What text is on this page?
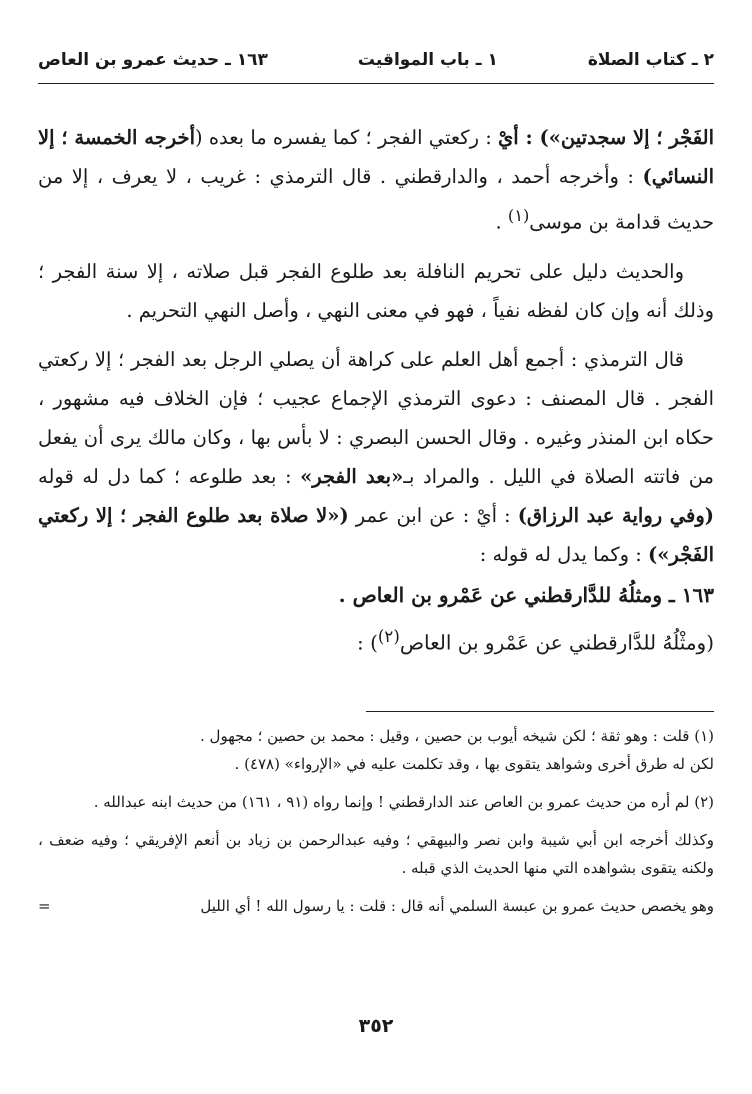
١٦٣ ـ حديث عمرو بن العاص	١ ـ باب المواقيت	٢ ـ كتاب الصلاة

الفَجْر ؛ إلا سجدتين») : أيْ : ركعتي الفجر ؛ كما يفسره ما بعده (أخرجه الخمسة ؛ إلا النسائي) : وأخرجه أحمد ، والدارقطني . قال الترمذي : غريب ، لا يعرف ، إلا من حديث قدامة بن موسى$^{(١)}$ .

والحديث دليل على تحريم النافلة بعد طلوع الفجر قبل صلاته ، إلا سنة الفجر ؛ وذلك أنه وإن كان لفظه نفياً ، فهو في معنى النهي ، وأصل النهي التحريم .

قال الترمذي : أجمع أهل العلم على كراهة أن يصلي الرجل بعد الفجر ؛ إلا ركعتي الفجر . قال المصنف : دعوى الترمذي الإجماع عجيب ؛ فإن الخلاف فيه مشهور ، حكاه ابن المنذر وغيره . وقال الحسن البصري : لا بأس بها ، وكان مالك يرى أن يفعل من فاتته الصلاة في الليل . والمراد بـ«بعد الفجر» : بعد طلوعه ؛ كما دل له قوله (وفي رواية عبد الرزاق) : أيْ : عن ابن عمر («لا صلاة بعد طلوع الفجر ؛ إلا ركعتي الفَجْر») : وكما يدل له قوله :

١٦٣ ـ ومثلُهُ للدَّارقطني عن عَمْرو بن العاص .
(ومثْلُهُ للدَّارقطني عن عَمْرو بن العاص$^{(٢)}$) :

(١) قلت : وهو ثقة ؛ لكن شيخه أيوب بن حصين ، وقيل : محمد بن حصين ؛ مجهول .

لكن له طرق أخرى وشواهد يتقوى بها ، وقد تكلمت عليه في «الإرواء» (٤٧٨) .

(٢) لم أره من حديث عمرو بن العاص عند الدارقطني ! وإنما رواه (٩١ ، ١٦١) من حديث ابنه عبدالله .

وكذلك أخرجه ابن أبي شيبة وابن نصر والبيهقي ؛ وفيه عبدالرحمن بن زياد بن أنعم الإفريقي ؛ وفيه ضعف ، ولكنه يتقوى بشواهده التي منها الحديث الذي قبله .

وهو يخصص حديث عمرو بن عبسة السلمي أنه قال : قلت : يا رسول الله ! أي الليل
=

٣٥٢
